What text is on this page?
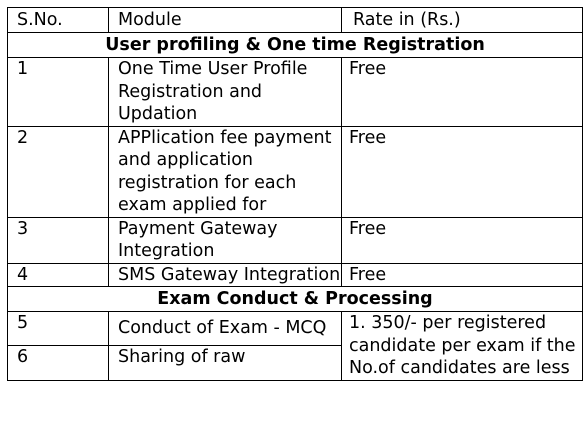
S.No.	Module	Rate in (Rs.)
User profiling & One time Registration		
1	One Time User Profile Registration and Updation	Free
2	APPlication fee payment and application registration for each exam applied for	Free
3	Payment Gateway Integration	Free
4	SMS Gateway Integration	Free
Exam Conduct & Processing		
5	Conduct of Exam - MCQ	1. 350/- per registered candidate per exam if the No.of candidates are less
6	Sharing of raw	
